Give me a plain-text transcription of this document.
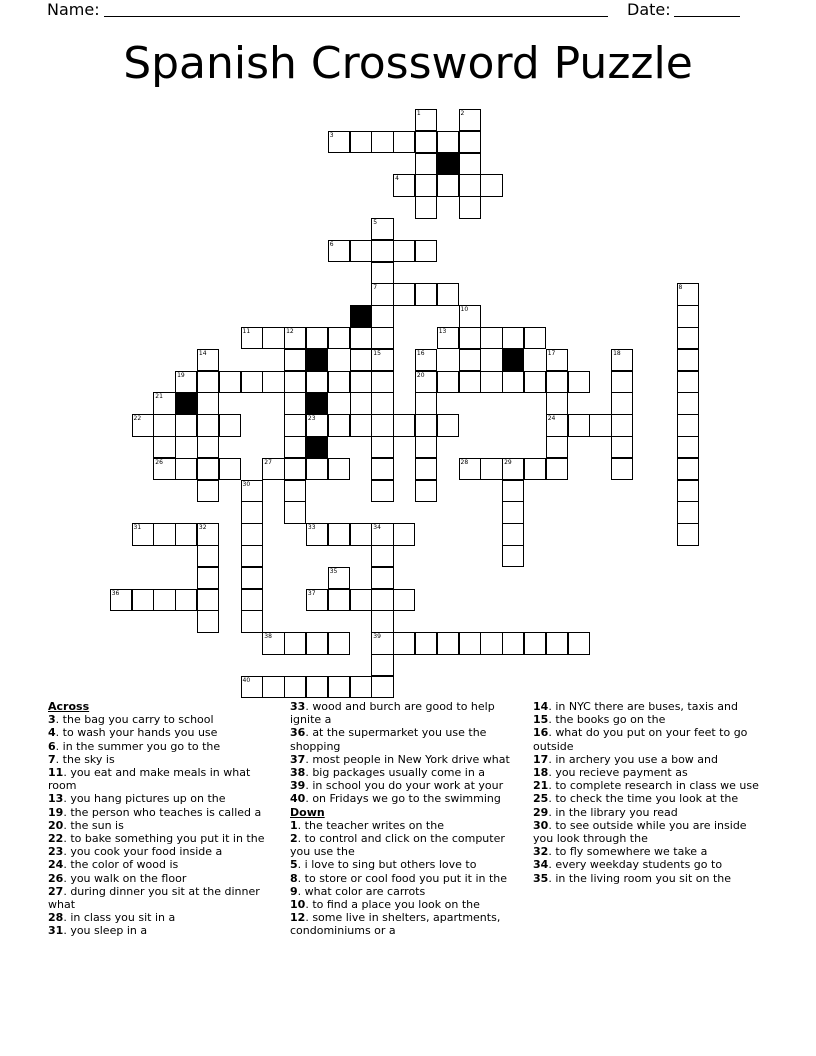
Name:	Date:
Spanish Crossword Puzzle
1	2
3
4
5
6
7	8
9	10
11	12	13
14	15	16	17	18
19	20
21
22	23	24
25
26	27	28	29
30
31	32	33	34
35
36	37
38	39
40
Across
3. the bag you carry to school
4. to wash your hands you use
6. in the summer you go to the
7. the sky is
11. you eat and make meals in what room
13. you hang pictures up on the
19. the person who teaches is called a
20. the sun is
22. to bake something you put it in the
23. you cook your food inside a
24. the color of wood is
26. you walk on the floor
27. during dinner you sit at the dinner what
28. in class you sit in a
31. you sleep in a
33. wood and burch are good to help ignite a
36. at the supermarket you use the shopping
37. most people in New York drive what
38. big packages usually come in a
39. in school you do your work at your
40. on Fridays we go to the swimming
Down
1. the teacher writes on the
2. to control and click on the computer you use the
5. i love to sing but others love to
8. to store or cool food you put it in the
9. what color are carrots
10. to find a place you look on the
12. some live in shelters, apartments, condominiums or a
14. in NYC there are buses, taxis and
15. the books go on the
16. what do you put on your feet to go outside
17. in archery you use a bow and
18. you recieve payment as
21. to complete research in class we use
25. to check the time you look at the
29. in the library you read
30. to see outside while you are inside you look through the
32. to fly somewhere we take a
34. every weekday students go to
35. in the living room you sit on the
